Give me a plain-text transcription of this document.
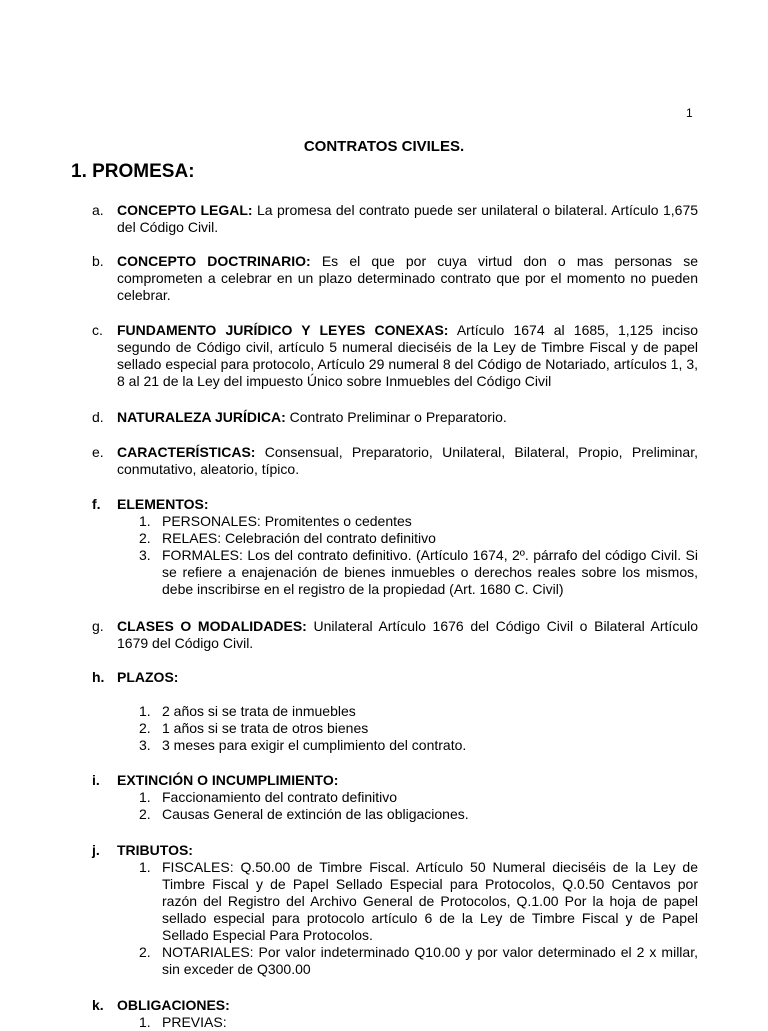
1
CONTRATOS CIVILES.
1. PROMESA:
a. CONCEPTO LEGAL: La promesa del contrato puede ser unilateral o bilateral. Artículo 1,675 del Código Civil.
b. CONCEPTO DOCTRINARIO: Es el que por cuya virtud don o mas personas se comprometen a celebrar en un plazo determinado contrato que por el momento no pueden celebrar.
c. FUNDAMENTO JURÍDICO Y LEYES CONEXAS: Artículo 1674 al 1685, 1,125 inciso segundo de Código civil, artículo 5 numeral dieciséis de la Ley de Timbre Fiscal y de papel sellado especial para protocolo, Artículo 29 numeral 8 del Código de Notariado, artículos 1, 3, 8 al 21 de la Ley del impuesto Único sobre Inmuebles del Código Civil
d. NATURALEZA JURÍDICA: Contrato Preliminar o Preparatorio.
e. CARACTERÍSTICAS: Consensual, Preparatorio, Unilateral, Bilateral, Propio, Preliminar, conmutativo, aleatorio, típico.
f. ELEMENTOS:
1. PERSONALES: Promitentes o cedentes
2. RELAES: Celebración del contrato definitivo
3. FORMALES: Los del contrato definitivo. (Artículo 1674, 2º. párrafo del código Civil. Si se refiere a enajenación de bienes inmuebles o derechos reales sobre los mismos, debe inscribirse en el registro de la propiedad (Art. 1680 C. Civil)
g. CLASES O MODALIDADES: Unilateral Artículo 1676 del Código Civil o Bilateral Artículo 1679 del Código Civil.
h. PLAZOS:
1. 2 años si se trata de inmuebles
2. 1 años si se trata de otros bienes
3. 3 meses para exigir el cumplimiento del contrato.
i. EXTINCIÓN O INCUMPLIMIENTO:
1. Faccionamiento del contrato definitivo
2. Causas General de extinción de las obligaciones.
j. TRIBUTOS:
1. FISCALES: Q.50.00 de Timbre Fiscal. Artículo 50 Numeral dieciséis de la Ley de Timbre Fiscal y de Papel Sellado Especial para Protocolos, Q.0.50 Centavos por razón del Registro del Archivo General de Protocolos, Q.1.00 Por la hoja de papel sellado especial para protocolo artículo 6 de la Ley de Timbre Fiscal y de Papel Sellado Especial Para Protocolos.
2. NOTARIALES: Por valor indeterminado Q10.00 y por valor determinado el 2 x millar, sin exceder de Q300.00
k. OBLIGACIONES:
1. PREVIAS:
